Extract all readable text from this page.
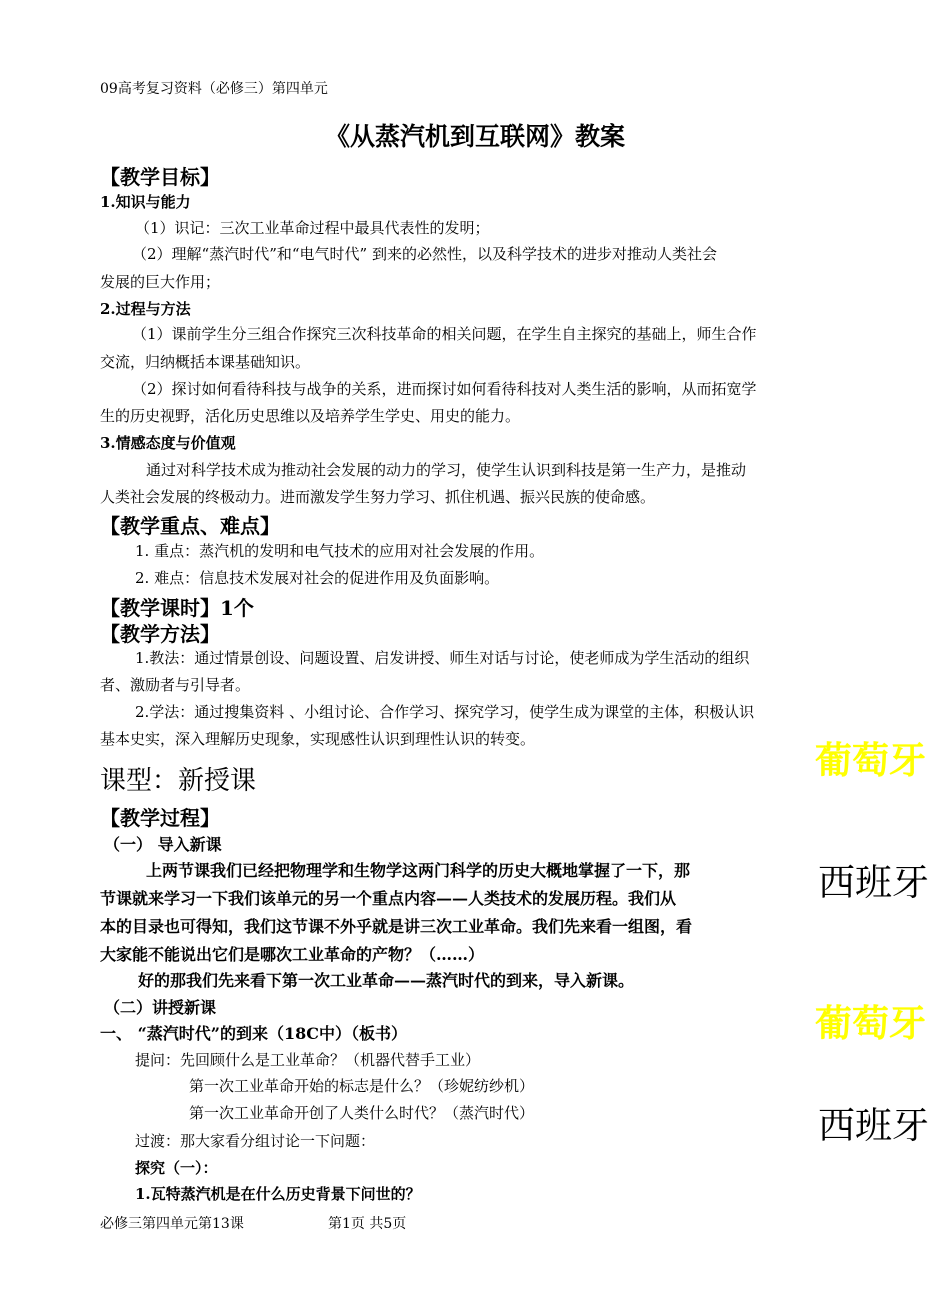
09高考复习资料（必修三）第四单元
《从蒸汽机到互联网》教案
【教学目标】
1.知识与能力
（1）识记：三次工业革命过程中最具代表性的发明；
（2）理解“蒸汽时代”和“电气时代” 到来的必然性，以及科学技术的进步对推动人类社会
发展的巨大作用；
2.过程与方法
（1）课前学生分三组合作探究三次科技革命的相关问题，在学生自主探究的基础上，师生合作
交流，归纳概括本课基础知识。
（2）探讨如何看待科技与战争的关系，进而探讨如何看待科技对人类生活的影响，从而拓宽学
生的历史视野，活化历史思维以及培养学生学史、用史的能力。
3.情感态度与价值观
通过对科学技术成为推动社会发展的动力的学习，使学生认识到科技是第一生产力，是推动
人类社会发展的终极动力。进而激发学生努力学习、抓住机遇、振兴民族的使命感。
【教学重点、难点】
1. 重点：蒸汽机的发明和电气技术的应用对社会发展的作用。
2. 难点：信息技术发展对社会的促进作用及负面影响。
【教学课时】1个
【教学方法】
1.教法：通过情景创设、问题设置、启发讲授、师生对话与讨论，使老师成为学生活动的组织
者、激励者与引导者。
2.学法：通过搜集资料 、小组讨论、合作学习、探究学习，使学生成为课堂的主体，积极认识
基本史实，深入理解历史现象，实现感性认识到理性认识的转变。
课型：新授课
【教学过程】
（一） 导入新课
上两节课我们已经把物理学和生物学这两门科学的历史大概地掌握了一下，那
节课就来学习一下我们该单元的另一个重点内容——人类技术的发展历程。我们从
本的目录也可得知，我们这节课不外乎就是讲三次工业革命。我们先来看一组图，看
大家能不能说出它们是哪次工业革命的产物？（……）
好的那我们先来看下第一次工业革命——蒸汽时代的到来，导入新课。
（二）讲授新课
一、 “蒸汽时代”的到来（18C中）（板书）
提问：先回顾什么是工业革命？（机器代替手工业）
第一次工业革命开始的标志是什么？（珍妮纺纱机）
第一次工业革命开创了人类什么时代？（蒸汽时代）
过渡：那大家看分组讨论一下问题：
探究（一）：
1.瓦特蒸汽机是在什么历史背景下问世的？
葡萄牙
西班牙
葡萄牙
西班牙
必修三第四单元第13课	第1页 共5页
